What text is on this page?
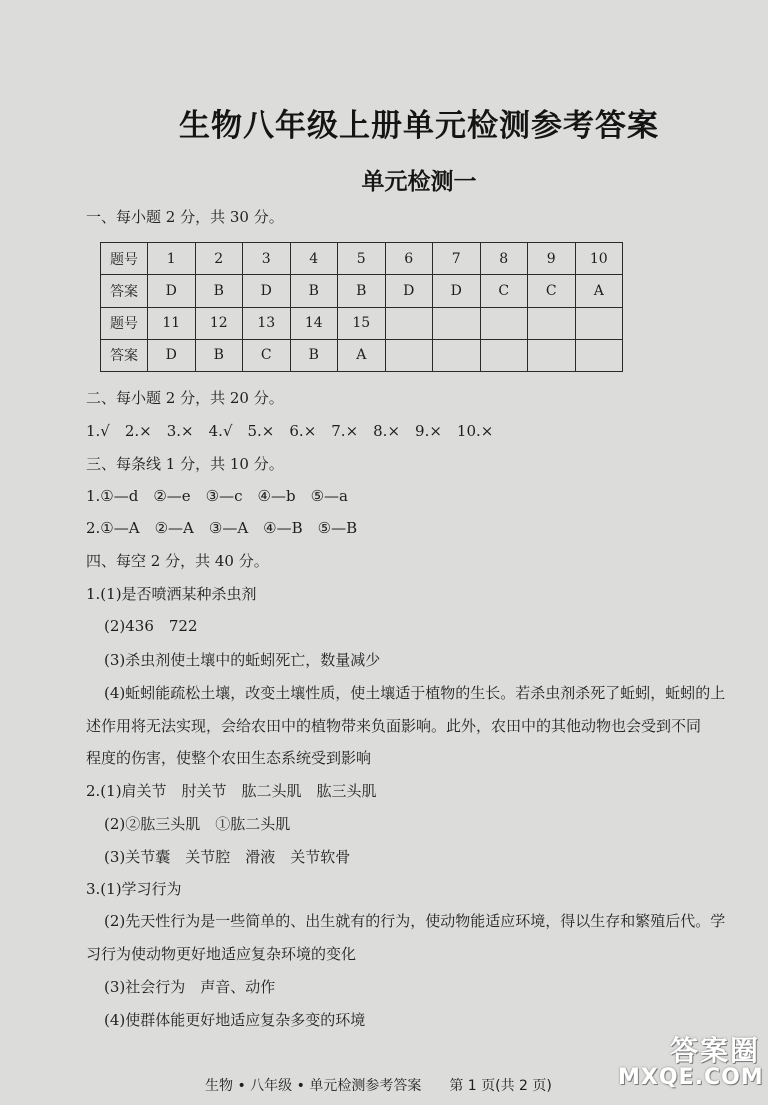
生物八年级上册单元检测参考答案
单元检测一
一、每小题 2 分，共 30 分。
题号	1	2	3	4	5	6	7	8	9	10
答案	D	B	D	B	B	D	D	C	C	A
题号	11	12	13	14	15					
答案	D	B	C	B	A					
二、每小题 2 分，共 20 分。
1.√　2.×　3.×　4.√　5.×　6.×　7.×　8.×　9.×　10.×
三、每条线 1 分，共 10 分。
1.①—d　②—e　③—c　④—b　⑤—a
2.①—A　②—A　③—A　④—B　⑤—B
四、每空 2 分，共 40 分。
1.(1)是否喷洒某种杀虫剂
(2)436　722
(3)杀虫剂使土壤中的蚯蚓死亡，数量减少
(4)蚯蚓能疏松土壤，改变土壤性质，使土壤适于植物的生长。若杀虫剂杀死了蚯蚓，蚯蚓的上
述作用将无法实现，会给农田中的植物带来负面影响。此外，农田中的其他动物也会受到不同
程度的伤害，使整个农田生态系统受到影响
2.(1)肩关节　肘关节　肱二头肌　肱三头肌
(2)②肱三头肌　①肱二头肌
(3)关节囊　关节腔　滑液　关节软骨
3.(1)学习行为
(2)先天性行为是一些简单的、出生就有的行为，使动物能适应环境，得以生存和繁殖后代。学
习行为使动物更好地适应复杂环境的变化
(3)社会行为　声音、动作
(4)使群体能更好地适应复杂多变的环境
生物 • 八年级 • 单元检测参考答案　　第 1 页(共 2 页)
答案圈
MXQE.COM
